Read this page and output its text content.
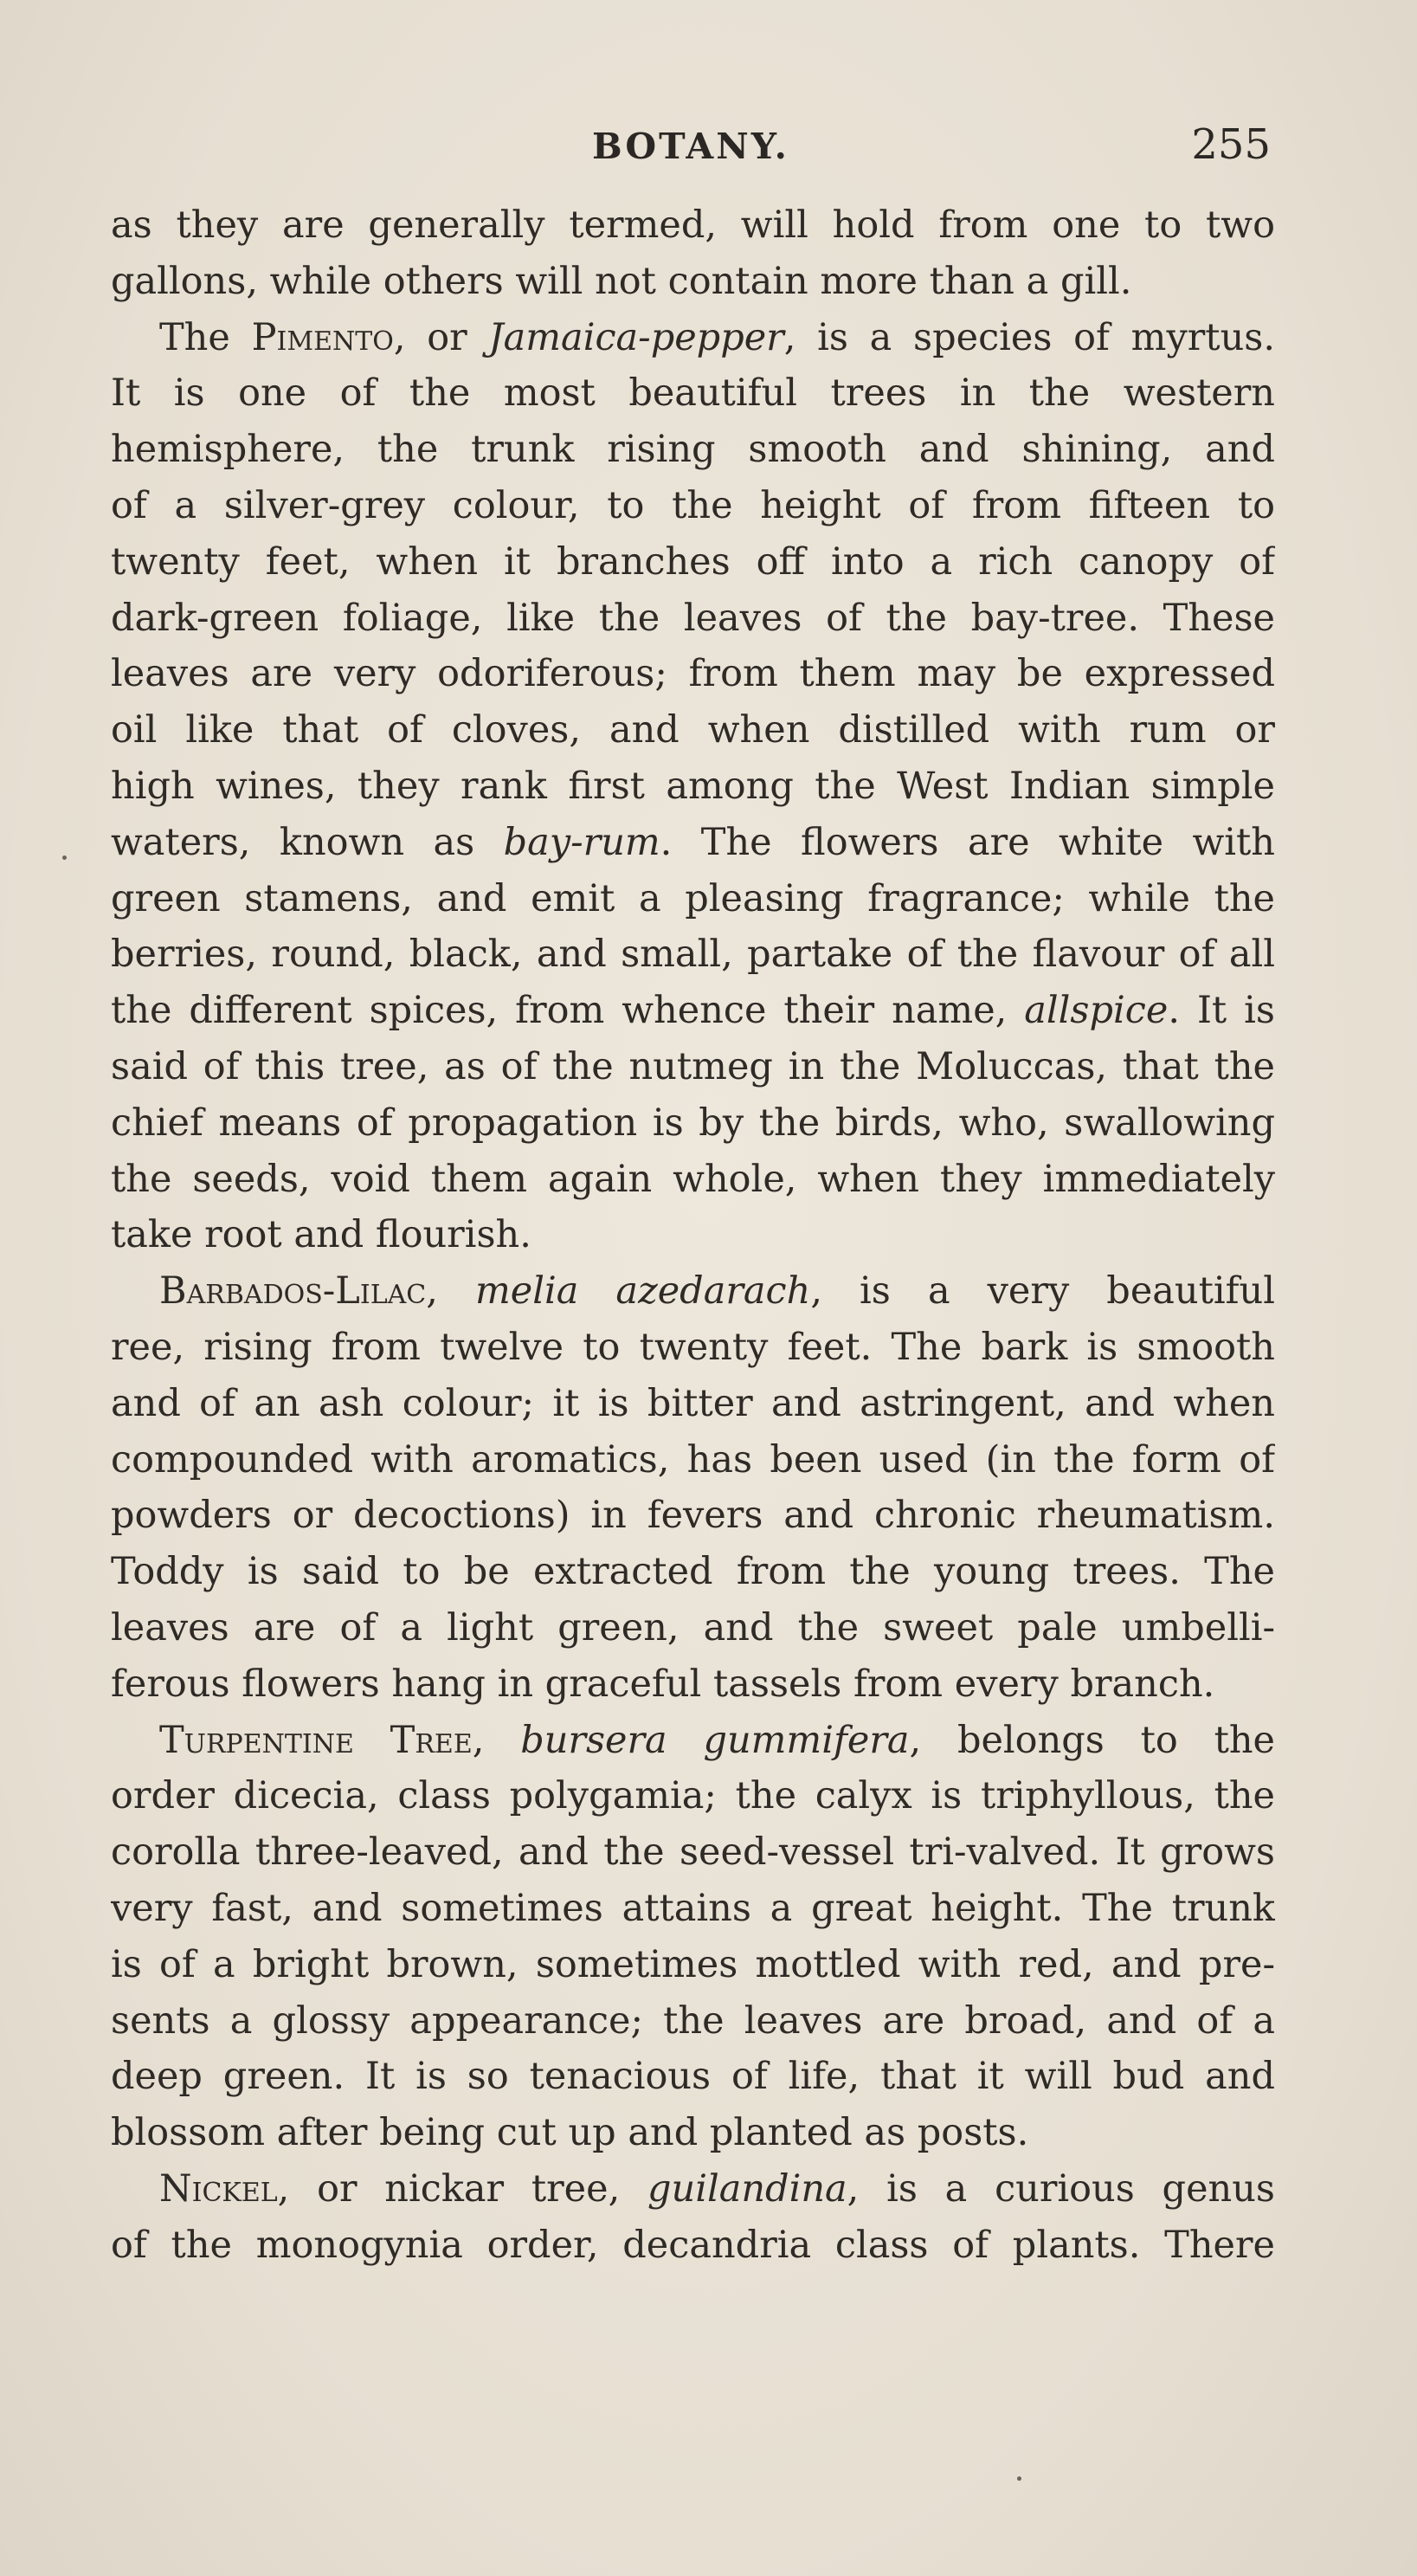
BOTANY.	255
as they are generally termed, will hold from one to two
gallons, while others will not contain more than a gill.
The Pimento, or Jamaica-pepper, is a species of myrtus.
It is one of the most beautiful trees in the western
hemisphere, the trunk rising smooth and shining, and
of a silver-grey colour, to the height of from fifteen to
twenty feet, when it branches off into a rich canopy of
dark-green foliage, like the leaves of the bay-tree. These
leaves are very odoriferous; from them may be expressed
oil like that of cloves, and when distilled with rum or
high wines, they rank first among the West Indian simple
waters, known as bay-rum. The flowers are white with
green stamens, and emit a pleasing fragrance; while the
berries, round, black, and small, partake of the flavour of all
the different spices, from whence their name, allspice. It is
said of this tree, as of the nutmeg in the Moluccas, that the
chief means of propagation is by the birds, who, swallowing
the seeds, void them again whole, when they immediately
take root and flourish.
Barbados-Lilac, melia azedarach, is a very beautiful
ree, rising from twelve to twenty feet. The bark is smooth
and of an ash colour; it is bitter and astringent, and when
compounded with aromatics, has been used (in the form of
powders or decoctions) in fevers and chronic rheumatism.
Toddy is said to be extracted from the young trees. The
leaves are of a light green, and the sweet pale umbelli-
ferous flowers hang in graceful tassels from every branch.
Turpentine Tree, bursera gummifera, belongs to the
order dicecia, class polygamia; the calyx is triphyllous, the
corolla three-leaved, and the seed-vessel tri-valved. It grows
very fast, and sometimes attains a great height. The trunk
is of a bright brown, sometimes mottled with red, and pre-
sents a glossy appearance; the leaves are broad, and of a
deep green. It is so tenacious of life, that it will bud and
blossom after being cut up and planted as posts.
Nickel, or nickar tree, guilandina, is a curious genus
of the monogynia order, decandria class of plants. There
